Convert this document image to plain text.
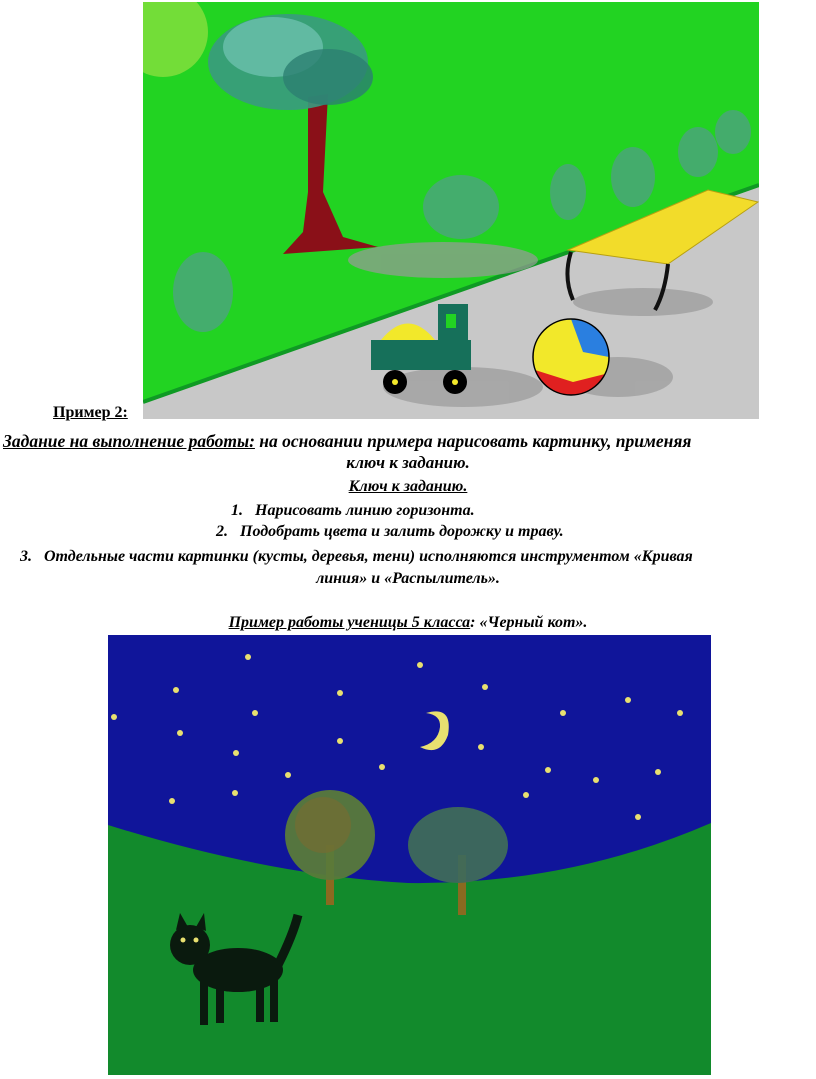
Пример 2:
Задание на выполнение работы: на основании примера нарисовать картинку, применяя
ключ к заданию.
Ключ к заданию.
1. Нарисовать линию горизонта.
2. Подобрать цвета и залить дорожку и траву.
3. Отдельные части картинки (кусты, деревья, тени) исполняются инструментом «Кривая
линия» и «Распылитель».
Пример работы ученицы 5 класса: «Черный кот».
